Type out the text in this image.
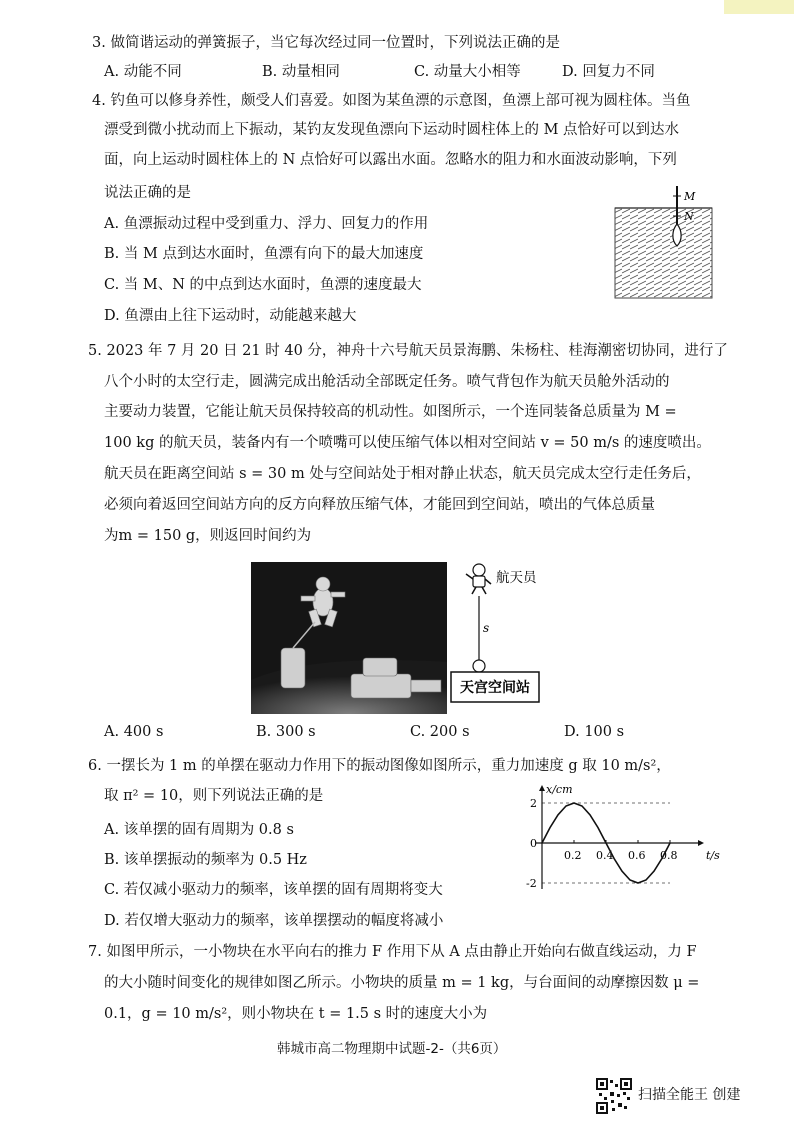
3. 做简谐运动的弹簧振子，当它每次经过同一位置时，下列说法正确的是
A. 动能不同	B. 动量相同	C. 动量大小相等	D. 回复力不同
4. 钓鱼可以修身养性，颇受人们喜爱。如图为某鱼漂的示意图，鱼漂上部可视为圆柱体。当鱼
漂受到微小扰动而上下振动，某钓友发现鱼漂向下运动时圆柱体上的 M 点恰好可以到达水
面，向上运动时圆柱体上的 N 点恰好可以露出水面。忽略水的阻力和水面波动影响，下列
说法正确的是
A. 鱼漂振动过程中受到重力、浮力、回复力的作用
B. 当 M 点到达水面时，鱼漂有向下的最大加速度
C. 当 M、N 的中点到达水面时，鱼漂的速度最大
D. 鱼漂由上往下运动时，动能越来越大
M
N
5. 2023 年 7 月 20 日 21 时 40 分，神舟十六号航天员景海鹏、朱杨柱、桂海潮密切协同，进行了
八个小时的太空行走，圆满完成出舱活动全部既定任务。喷气背包作为航天员舱外活动的
主要动力装置，它能让航天员保持较高的机动性。如图所示，一个连同装备总质量为 M =
100 kg 的航天员，装备内有一个喷嘴可以使压缩气体以相对空间站 v = 50 m/s 的速度喷出。
航天员在距离空间站 s = 30 m 处与空间站处于相对静止状态，航天员完成太空行走任务后，
必须向着返回空间站方向的反方向释放压缩气体，才能回到空间站，喷出的气体总质量
为m = 150 g，则返回时间约为
航天员
s
天宫空间站
A. 400 s	B. 300 s	C. 200 s	D. 100 s
6. 一摆长为 1 m 的单摆在驱动力作用下的振动图像如图所示，重力加速度 g 取 10 m/s²，
取 π² = 10，则下列说法正确的是
A. 该单摆的固有周期为 0.8 s
B. 该单摆振动的频率为 0.5 Hz
C. 若仅减小驱动力的频率，该单摆的固有周期将变大
D. 若仅增大驱动力的频率，该单摆摆动的幅度将减小
x/cm
t/s
0.2 0.4 0.6 0.8
2
0
-2
7. 如图甲所示，一小物块在水平向右的推力 F 作用下从 A 点由静止开始向右做直线运动，力 F
的大小随时间变化的规律如图乙所示。小物块的质量 m = 1 kg，与台面间的动摩擦因数 μ =
0.1，g = 10 m/s²，则小物块在 t = 1.5 s 时的速度大小为
韩城市高二物理期中试题-2-（共6页）
扫描全能王 创建
